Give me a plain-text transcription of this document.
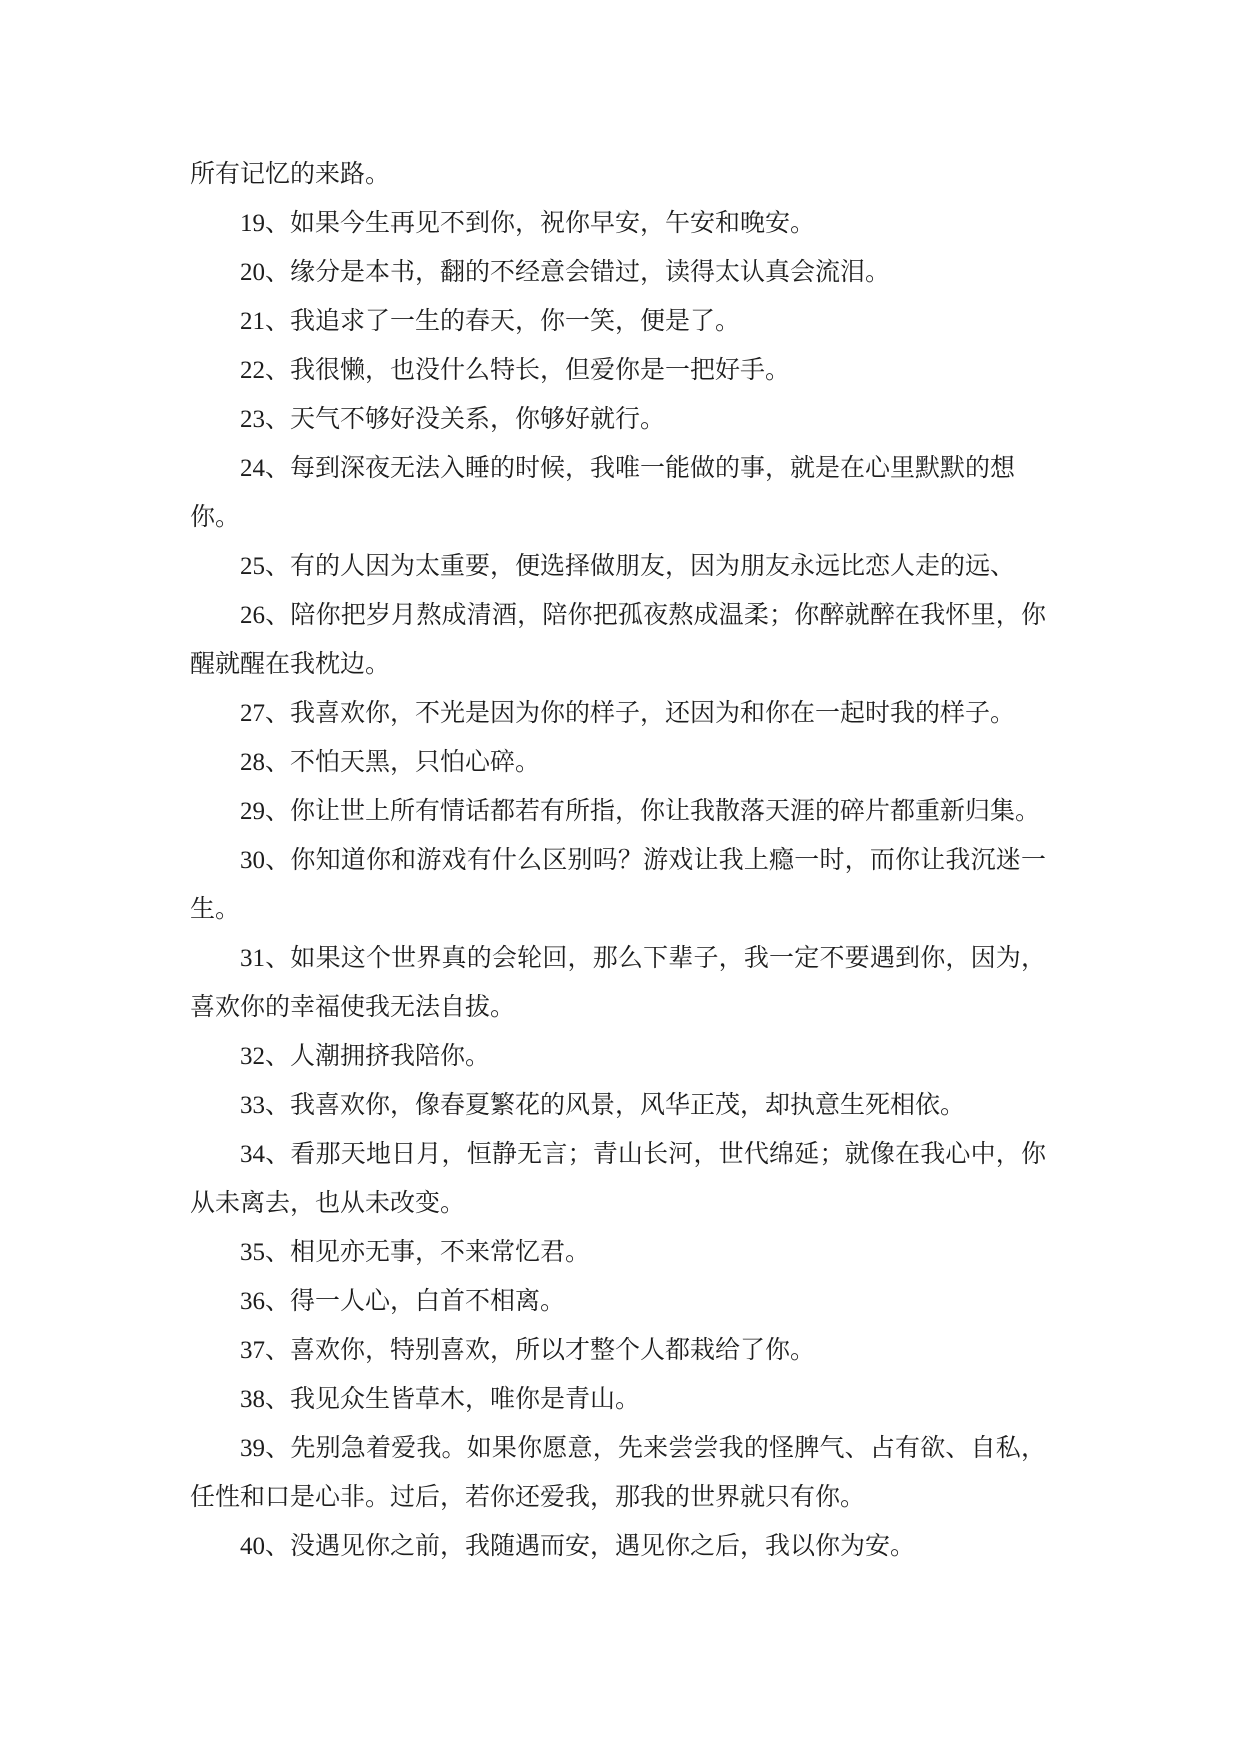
所有记忆的来路。
19、如果今生再见不到你，祝你早安，午安和晚安。
20、缘分是本书，翻的不经意会错过，读得太认真会流泪。
21、我追求了一生的春天，你一笑，便是了。
22、我很懒，也没什么特长，但爱你是一把好手。
23、天气不够好没关系，你够好就行。
24、每到深夜无法入睡的时候，我唯一能做的事，就是在心里默默的想
你。
25、有的人因为太重要，便选择做朋友，因为朋友永远比恋人走的远、
26、陪你把岁月熬成清酒，陪你把孤夜熬成温柔；你醉就醉在我怀里，你
醒就醒在我枕边。
27、我喜欢你，不光是因为你的样子，还因为和你在一起时我的样子。
28、不怕天黑，只怕心碎。
29、你让世上所有情话都若有所指，你让我散落天涯的碎片都重新归集。
30、你知道你和游戏有什么区别吗？游戏让我上瘾一时，而你让我沉迷一
生。
31、如果这个世界真的会轮回，那么下辈子，我一定不要遇到你，因为，
喜欢你的幸福使我无法自拔。
32、人潮拥挤我陪你。
33、我喜欢你，像春夏繁花的风景，风华正茂，却执意生死相依。
34、看那天地日月，恒静无言；青山长河，世代绵延；就像在我心中，你
从未离去，也从未改变。
35、相见亦无事，不来常忆君。
36、得一人心，白首不相离。
37、喜欢你，特别喜欢，所以才整个人都栽给了你。
38、我见众生皆草木，唯你是青山。
39、先别急着爱我。如果你愿意，先来尝尝我的怪脾气、占有欲、自私，
任性和口是心非。过后，若你还爱我，那我的世界就只有你。
40、没遇见你之前，我随遇而安，遇见你之后，我以你为安。
